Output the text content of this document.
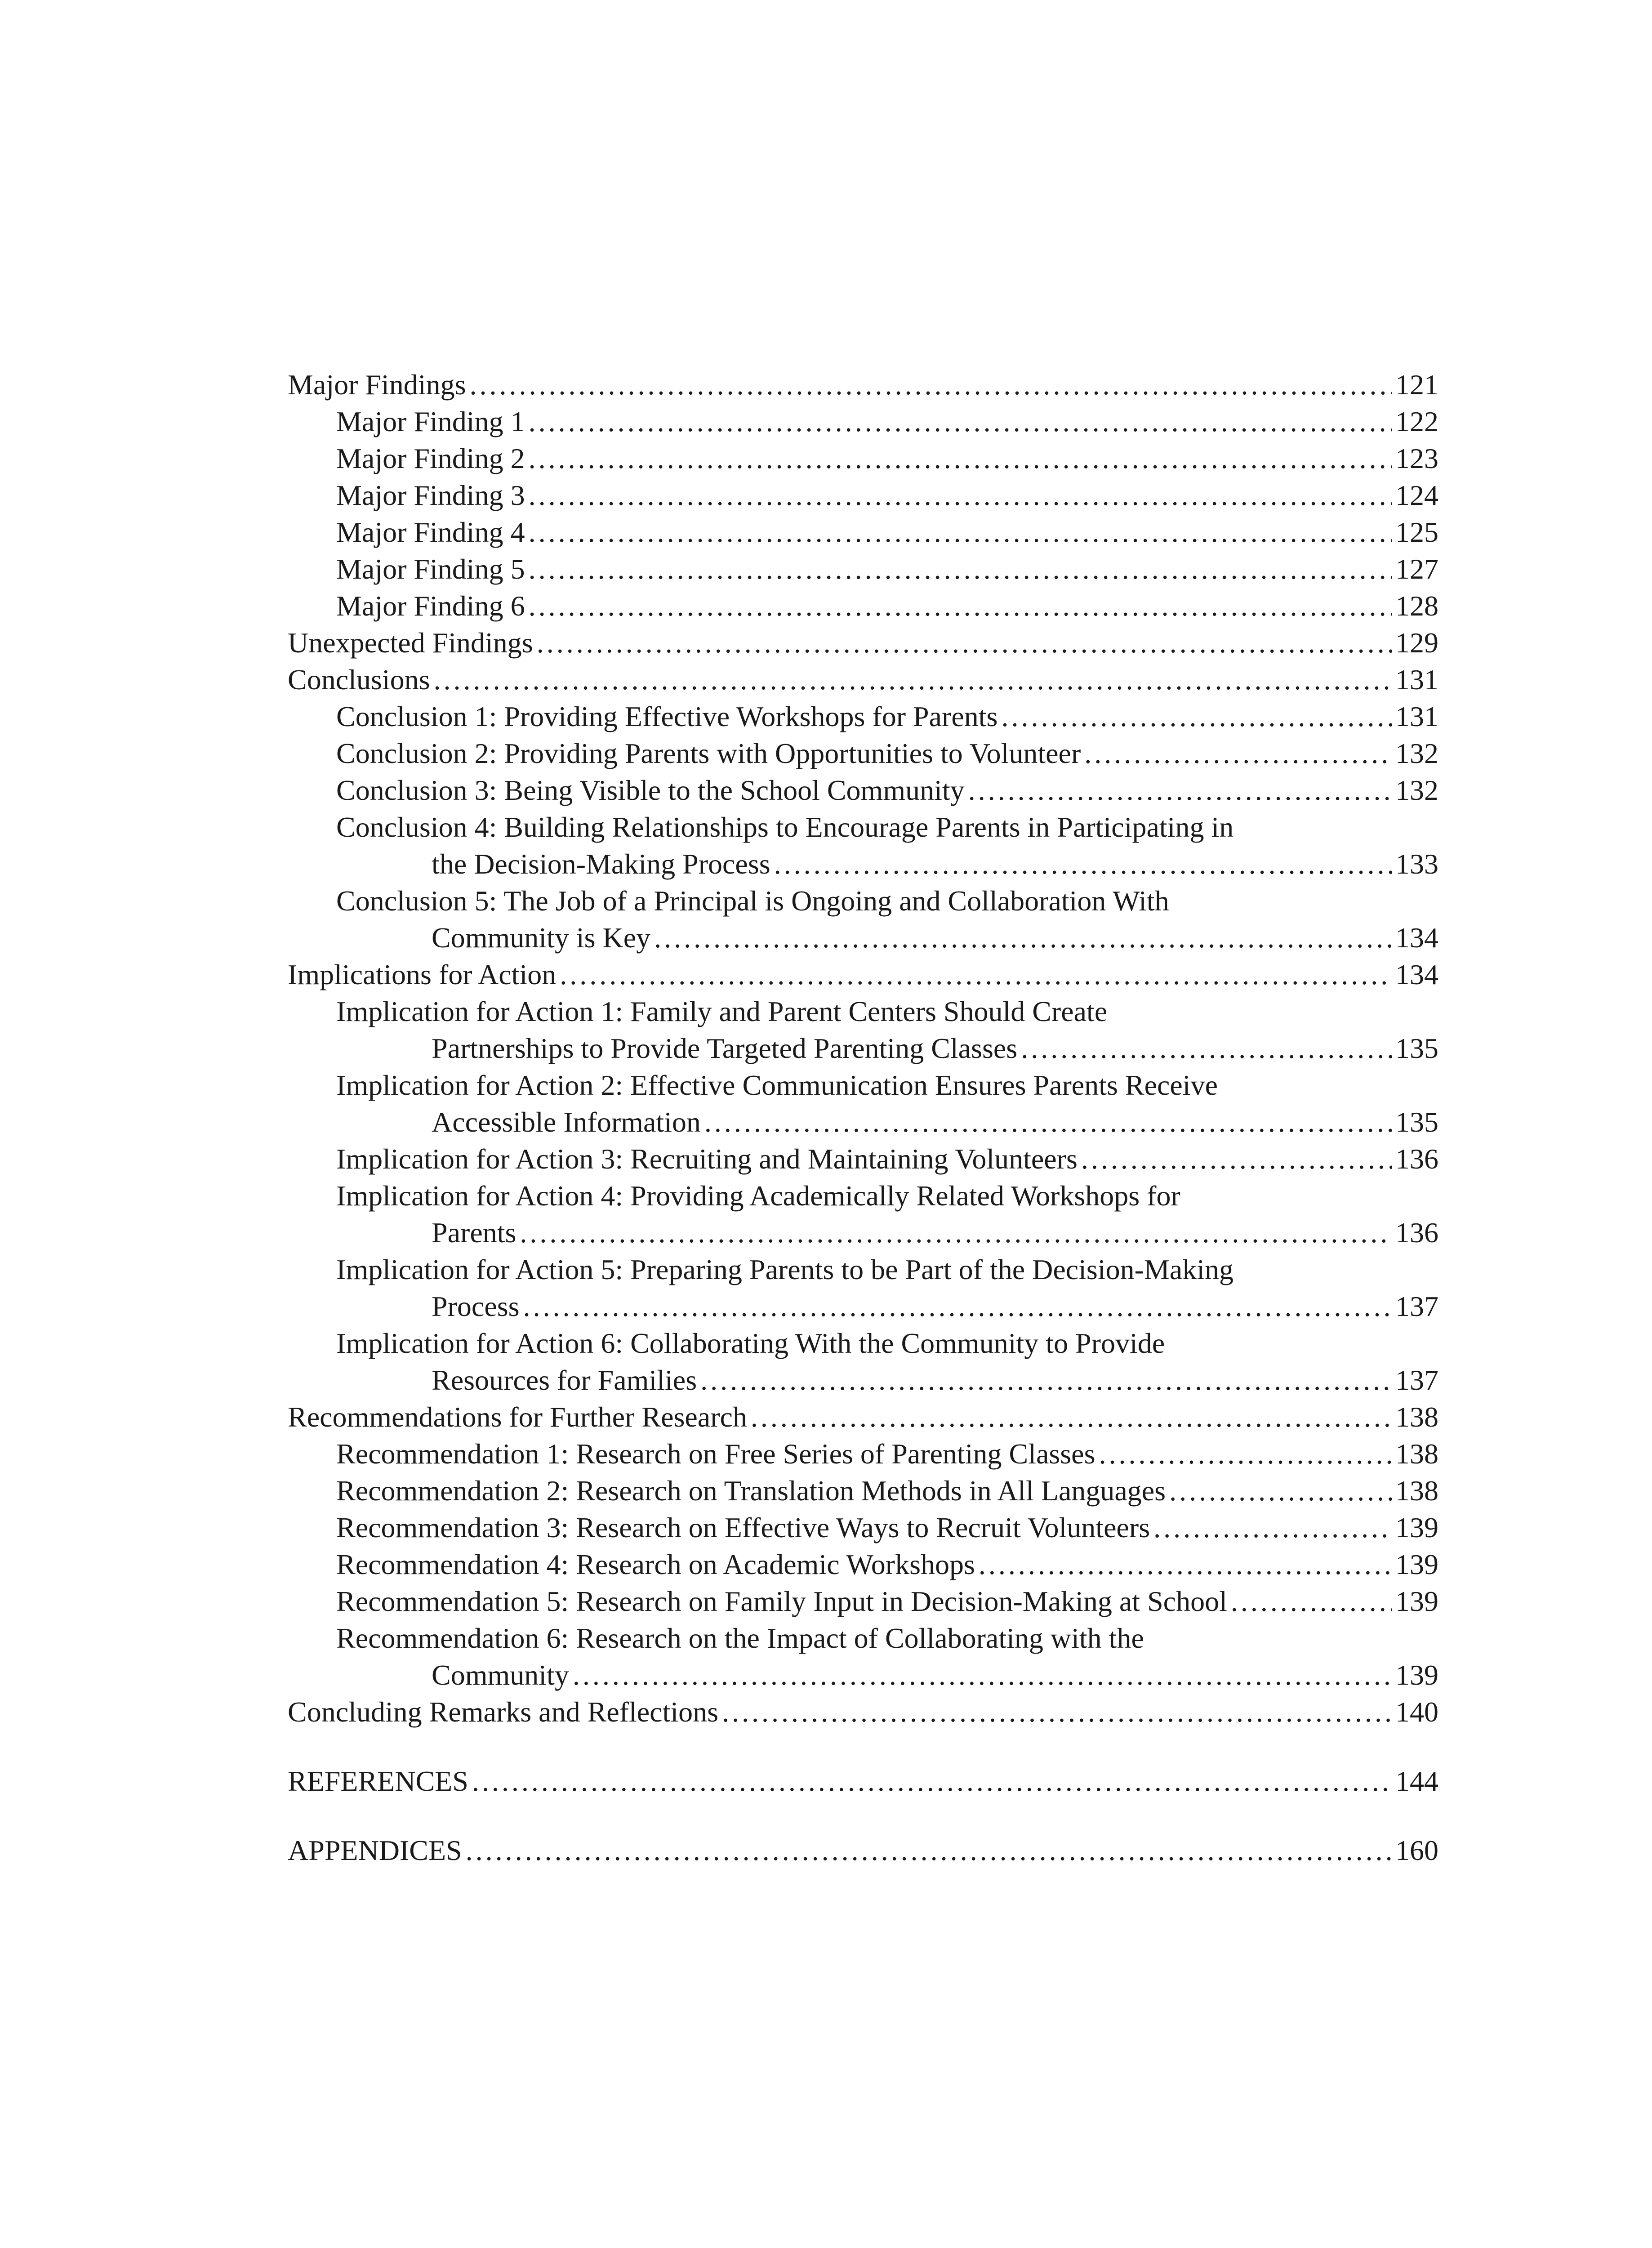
Major Findings .....	121
Major Finding 1 .....	122
Major Finding 2 .....	123
Major Finding 3 .....	124
Major Finding 4 .....	125
Major Finding 5 .....	127
Major Finding 6 .....	128
Unexpected Findings .....	129
Conclusions .....	131
Conclusion 1: Providing Effective Workshops for Parents .....	131
Conclusion 2: Providing Parents with Opportunities to Volunteer .....	132
Conclusion 3: Being Visible to the School Community .....	132
Conclusion 4: Building Relationships to Encourage Parents in Participating in
the Decision-Making Process .....	133
Conclusion 5: The Job of a Principal is Ongoing and Collaboration With
Community is Key .....	134
Implications for Action .....	134
Implication for Action 1: Family and Parent Centers Should Create
Partnerships to Provide Targeted Parenting Classes .....	135
Implication for Action 2: Effective Communication Ensures Parents Receive
Accessible Information .....	135
Implication for Action 3: Recruiting and Maintaining Volunteers .....	136
Implication for Action 4: Providing Academically Related Workshops for
Parents .....	136
Implication for Action 5: Preparing Parents to be Part of the Decision-Making
Process .....	137
Implication for Action 6: Collaborating With the Community to Provide
Resources for Families .....	137
Recommendations for Further Research .....	138
Recommendation 1: Research on Free Series of Parenting Classes .....	138
Recommendation 2: Research on Translation Methods in All Languages .....	138
Recommendation 3: Research on Effective Ways to Recruit Volunteers .....	139
Recommendation 4: Research on Academic Workshops .....	139
Recommendation 5: Research on Family Input in Decision-Making at School .....	139
Recommendation 6: Research on the Impact of Collaborating with the
Community .....	139
Concluding Remarks and Reflections .....	140
REFERENCES .....	144
APPENDICES .....	160
